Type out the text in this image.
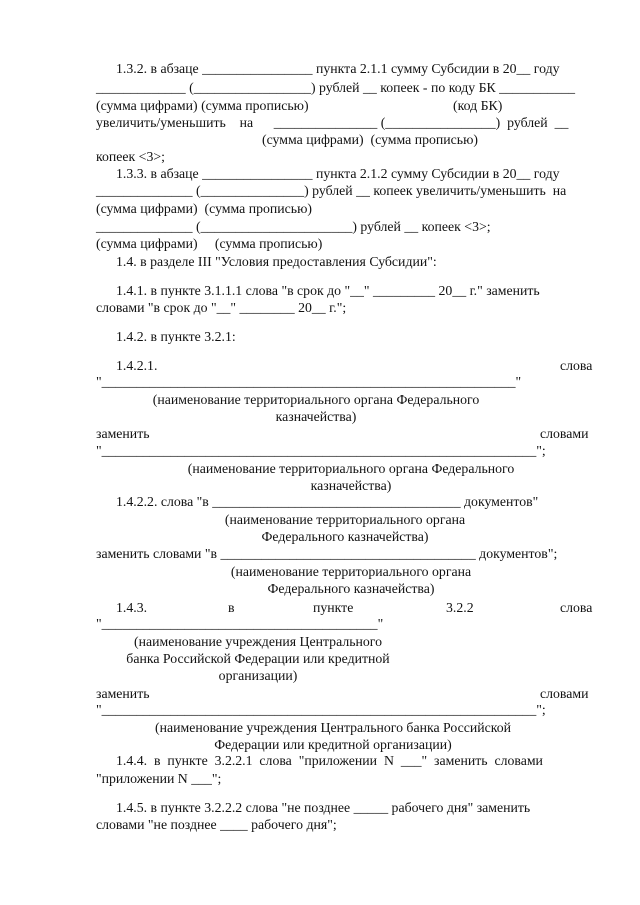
1.3.2. в абзаце ________________ пункта 2.1.1 сумму Субсидии в 20__ году

_____________ (_________________) рублей __ копеек - по коду БК ___________

(сумма цифрами) (сумма прописью)	(код БК)

увеличить/уменьшить    на      _______________ (________________)  рублей  __

(сумма цифрами)  (сумма прописью)

копеек <3>;

1.3.3. в абзаце ________________ пункта 2.1.2 сумму Субсидии в 20__ году

______________ (_______________) рублей __ копеек увеличить/уменьшить  на

(сумма цифрами)  (сумма прописью)

______________ (______________________) рублей __ копеек <3>;

(сумма цифрами)     (сумма прописью)

1.4. в разделе III "Условия предоставления Субсидии":

1.4.1. в пункте 3.1.1.1 слова "в срок до "__" _________ 20__ г." заменить

словами "в срок до "__" ________ 20__ г.";

1.4.2. в пункте 3.2.1:

1.4.2.1.	слова

"____________________________________________________________"

(наименование территориального органа Федерального

казначейства)

заменить	словами

"_______________________________________________________________";

(наименование территориального органа Федерального

казначейства)

1.4.2.2. слова "в ____________________________________ документов"

(наименование территориального органа

Федерального казначейства)

заменить словами "в _____________________________________ документов";

(наименование территориального органа

Федерального казначейства)

1.4.3.	в	пункте	3.2.2	слова

"________________________________________"

(наименование учреждения Центрального

банка Российской Федерации или кредитной

организации)

заменить	словами

"_______________________________________________________________";

(наименование учреждения Центрального банка Российской

Федерации или кредитной организации)

1.4.4.  в  пункте  3.2.2.1  слова  "приложении  N  ___"  заменить  словами

"приложении N ___";

1.4.5. в пункте 3.2.2.2 слова "не позднее _____ рабочего дня" заменить

словами "не позднее ____ рабочего дня";
